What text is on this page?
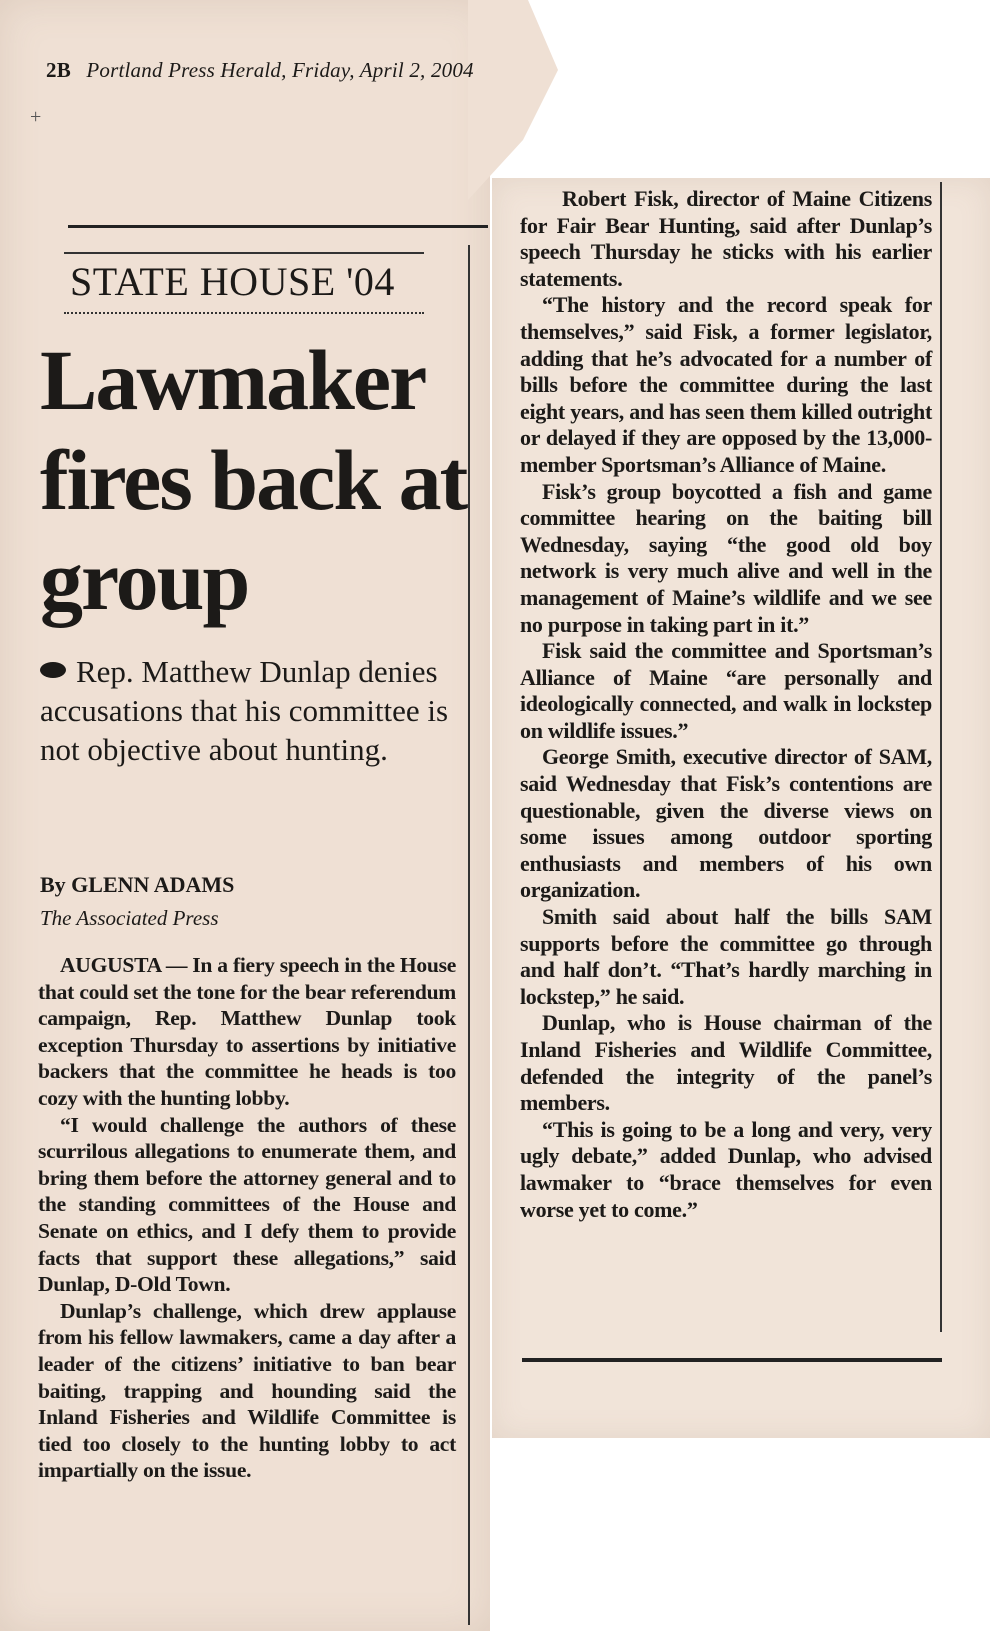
2B Portland Press Herald, Friday, April 2, 2004
+
STATE HOUSE '04
Lawmaker fires back at group
Rep. Matthew Dunlap denies accusations that his committee is not objective about hunting.
By GLENN ADAMS
The Associated Press

AUGUSTA — In a fiery speech in the House that could set the tone for the bear referendum campaign, Rep. Matthew Dunlap took exception Thursday to assertions by initiative backers that the committee he heads is too cozy with the hunting lobby.

“I would challenge the authors of these scurrilous allegations to enumerate them, and bring them before the attorney general and to the standing committees of the House and Senate on ethics, and I defy them to provide facts that support these allegations,” said Dunlap, D-Old Town.

Dunlap’s challenge, which drew applause from his fellow lawmakers, came a day after a leader of the citizens’ initiative to ban bear baiting, trapping and hounding said the Inland Fisheries and Wildlife Committee is tied too closely to the hunting lobby to act impartially on the issue.

Robert Fisk, director of Maine Citizens for Fair Bear Hunting, said after Dunlap’s speech Thursday he sticks with his earlier statements.

“The history and the record speak for themselves,” said Fisk, a former legislator, adding that he’s advocated for a number of bills before the committee during the last eight years, and has seen them killed outright or delayed if they are opposed by the 13,000-member Sportsman’s Alliance of Maine.

Fisk’s group boycotted a fish and game committee hearing on the baiting bill Wednesday, saying “the good old boy network is very much alive and well in the management of Maine’s wildlife and we see no purpose in taking part in it.”

Fisk said the committee and Sportsman’s Alliance of Maine “are personally and ideologically connected, and walk in lockstep on wildlife issues.”

George Smith, executive director of SAM, said Wednesday that Fisk’s contentions are questionable, given the diverse views on some issues among outdoor sporting enthusiasts and members of his own organization.

Smith said about half the bills SAM supports before the committee go through and half don’t. “That’s hardly marching in lockstep,” he said.

Dunlap, who is House chairman of the Inland Fisheries and Wildlife Committee, defended the integrity of the panel’s members.

“This is going to be a long and very, very ugly debate,” added Dunlap, who advised lawmaker to “brace themselves for even worse yet to come.”
